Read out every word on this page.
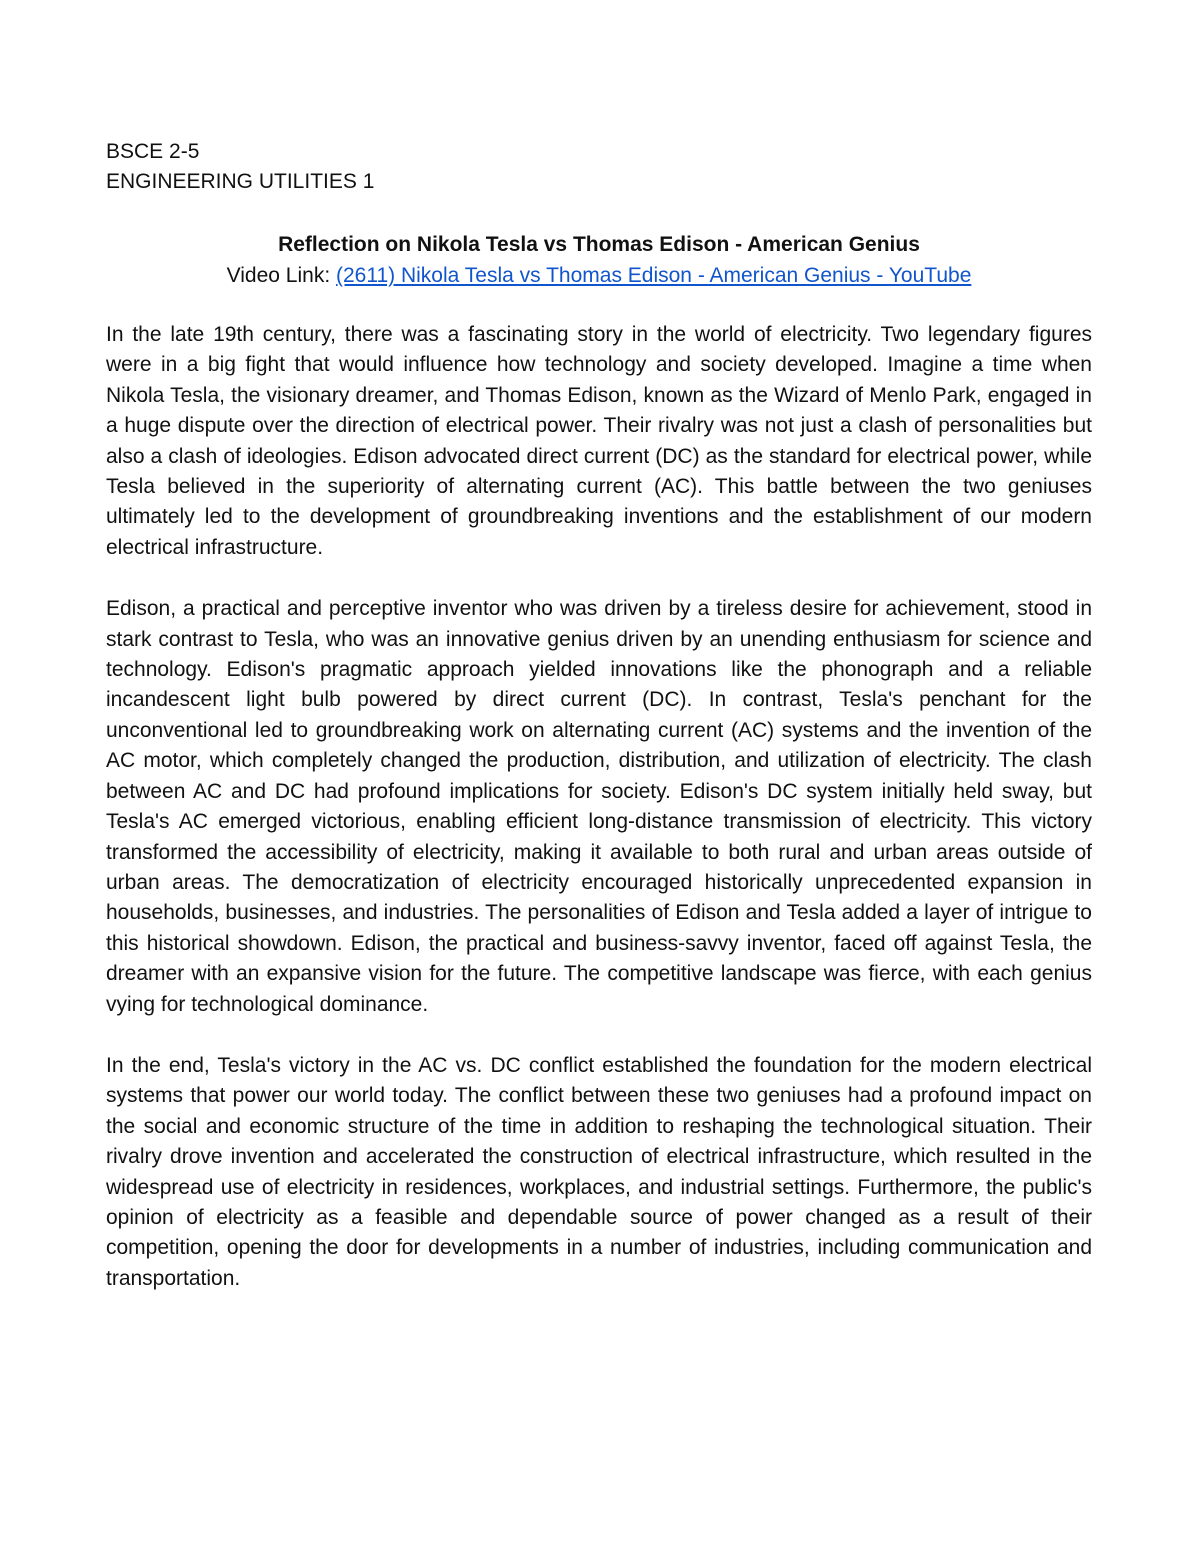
BSCE 2-5

ENGINEERING UTILITIES 1

Reflection on Nikola Tesla vs Thomas Edison - American Genius

Video Link: (2611) Nikola Tesla vs Thomas Edison - American Genius - YouTube

In the late 19th century, there was a fascinating story in the world of electricity. Two legendary figures were in a big fight that would influence how technology and society developed. Imagine a time when Nikola Tesla, the visionary dreamer, and Thomas Edison, known as the Wizard of Menlo Park, engaged in a huge dispute over the direction of electrical power. Their rivalry was not just a clash of personalities but also a clash of ideologies. Edison advocated direct current (DC) as the standard for electrical power, while Tesla believed in the superiority of alternating current (AC). This battle between the two geniuses ultimately led to the development of groundbreaking inventions and the establishment of our modern electrical infrastructure.

Edison, a practical and perceptive inventor who was driven by a tireless desire for achievement, stood in stark contrast to Tesla, who was an innovative genius driven by an unending enthusiasm for science and technology. Edison's pragmatic approach yielded innovations like the phonograph and a reliable incandescent light bulb powered by direct current (DC). In contrast, Tesla's penchant for the unconventional led to groundbreaking work on alternating current (AC) systems and the invention of the AC motor, which completely changed the production, distribution, and utilization of electricity. The clash between AC and DC had profound implications for society. Edison's DC system initially held sway, but Tesla's AC emerged victorious, enabling efficient long-distance transmission of electricity. This victory transformed the accessibility of electricity, making it available to both rural and urban areas outside of urban areas. The democratization of electricity encouraged historically unprecedented expansion in households, businesses, and industries. The personalities of Edison and Tesla added a layer of intrigue to this historical showdown. Edison, the practical and business-savvy inventor, faced off against Tesla, the dreamer with an expansive vision for the future. The competitive landscape was fierce, with each genius vying for technological dominance.

In the end, Tesla's victory in the AC vs. DC conflict established the foundation for the modern electrical systems that power our world today. The conflict between these two geniuses had a profound impact on the social and economic structure of the time in addition to reshaping the technological situation. Their rivalry drove invention and accelerated the construction of electrical infrastructure, which resulted in the widespread use of electricity in residences, workplaces, and industrial settings. Furthermore, the public's opinion of electricity as a feasible and dependable source of power changed as a result of their competition, opening the door for developments in a number of industries, including communication and transportation.
